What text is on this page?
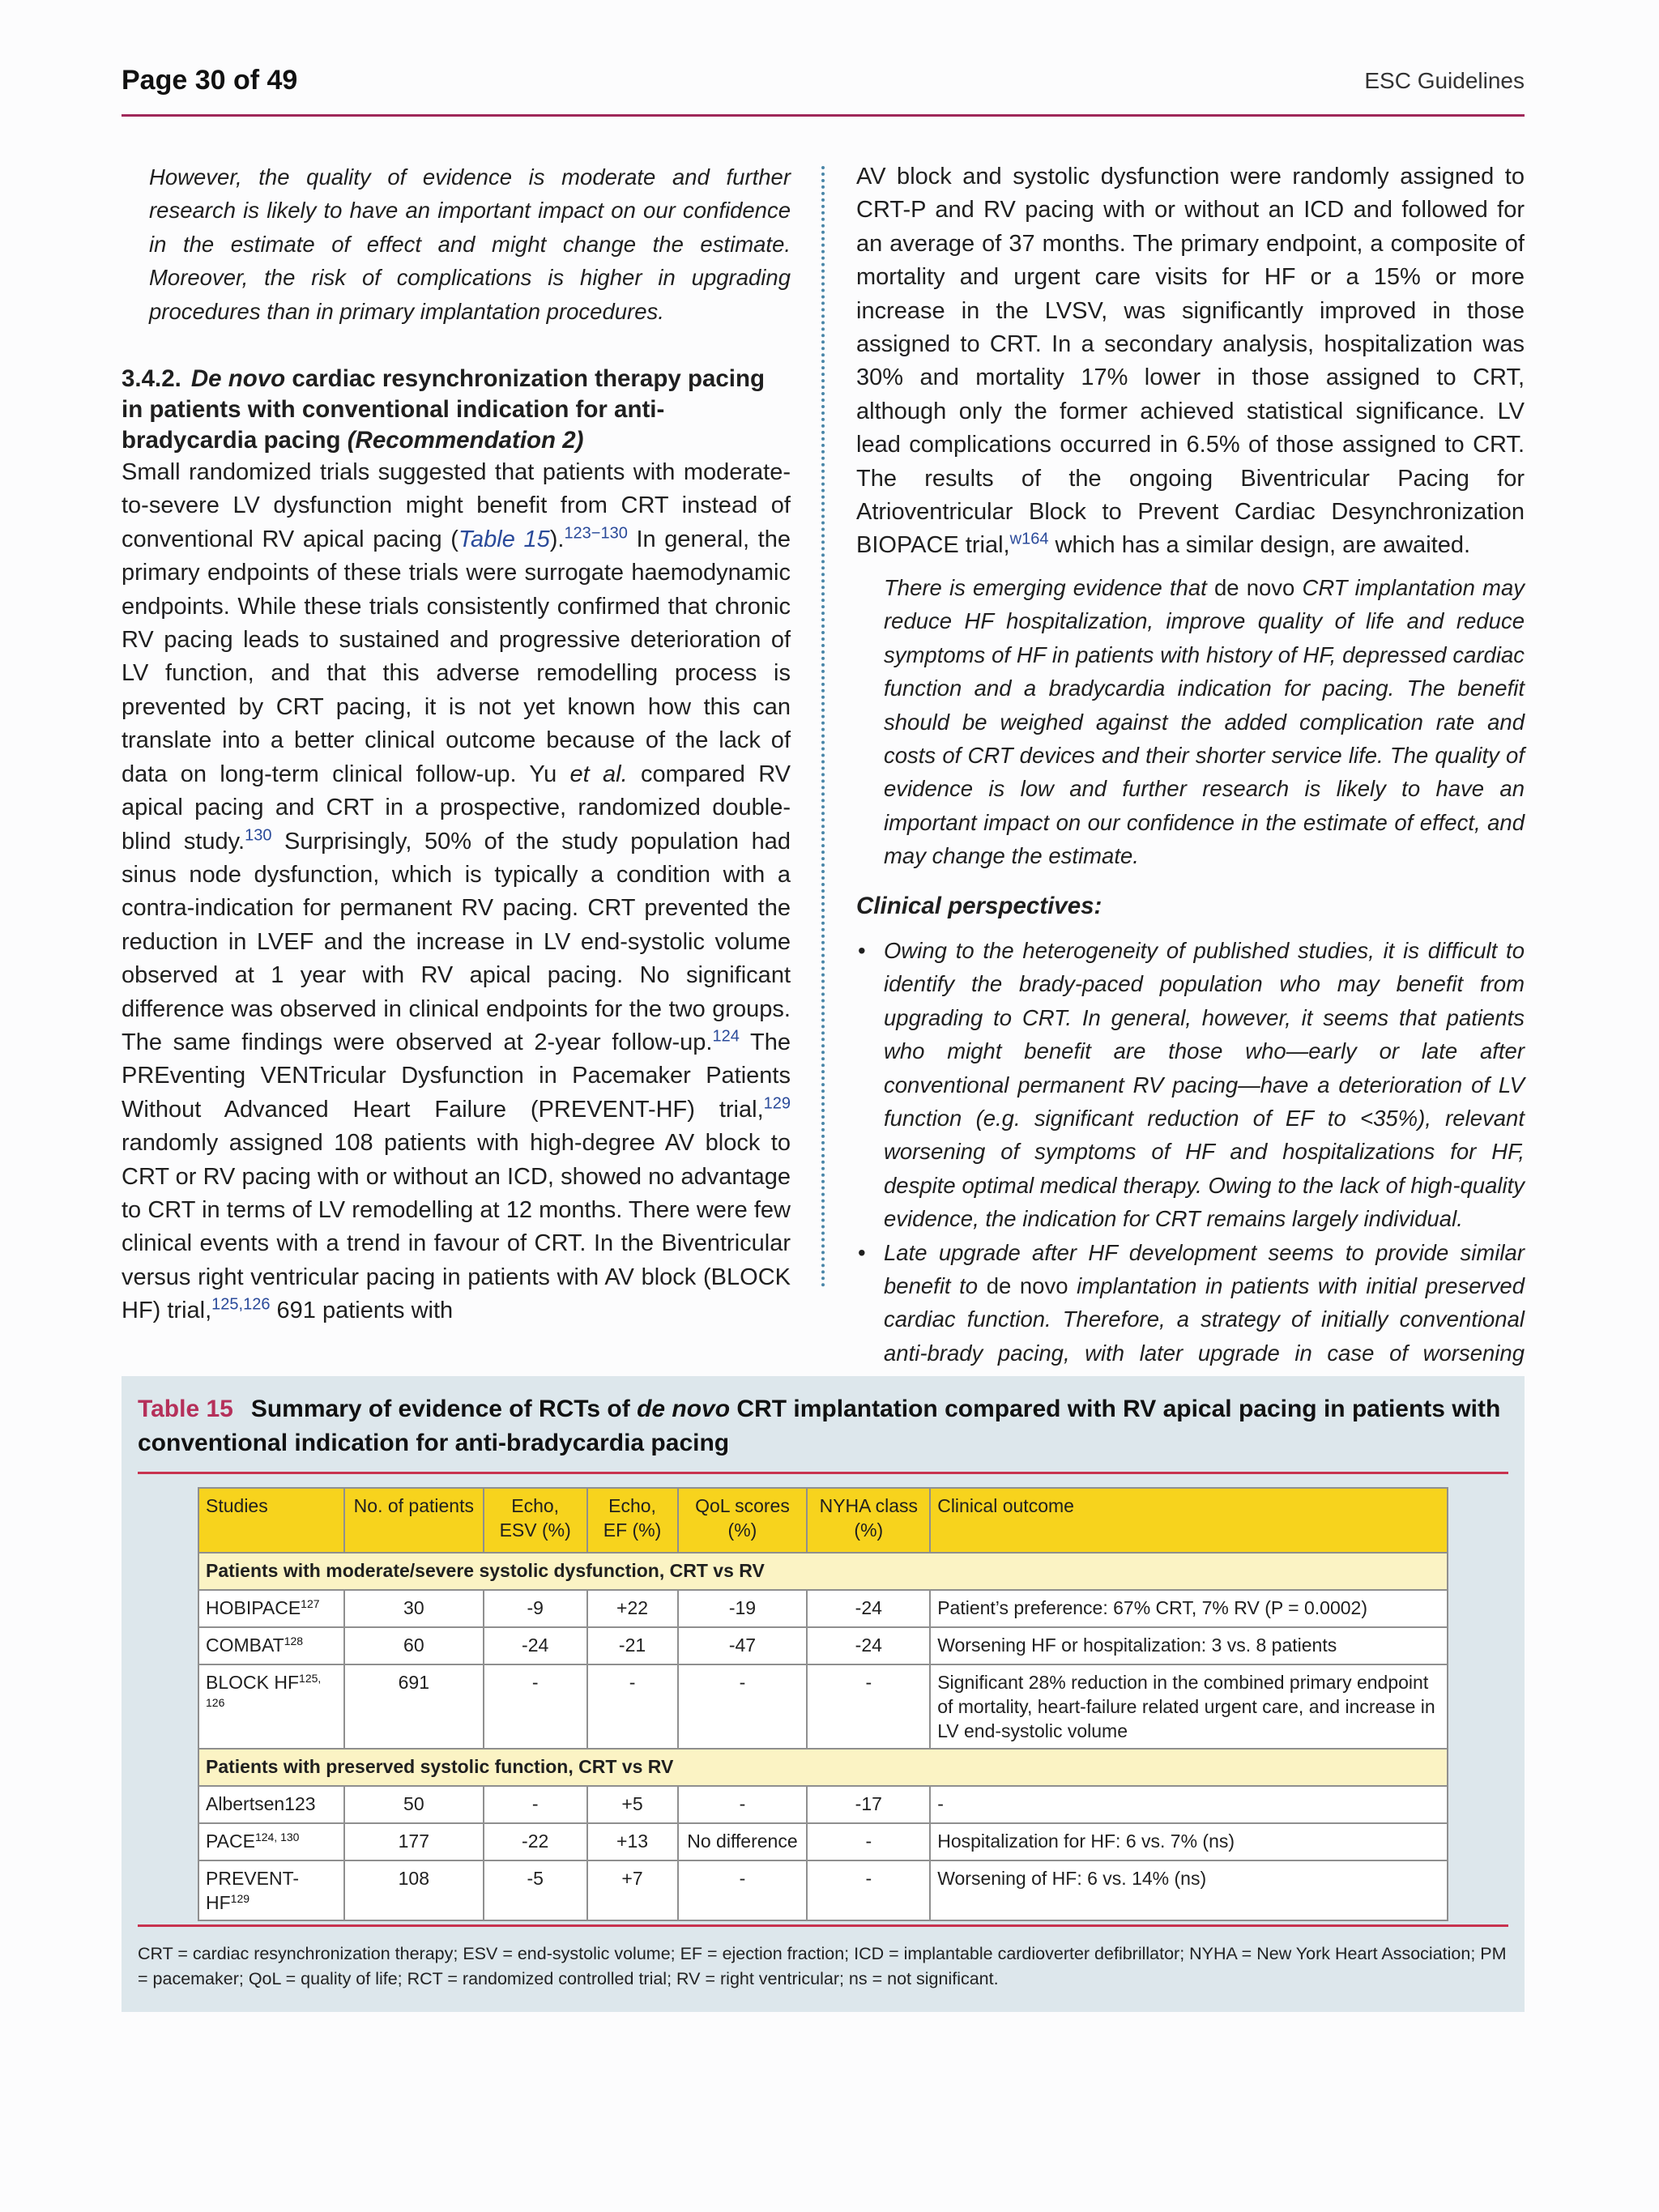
Page 30 of 49	ESC Guidelines

However, the quality of evidence is moderate and further research is likely to have an important impact on our confidence in the estimate of effect and might change the estimate. Moreover, the risk of complications is higher in upgrading procedures than in primary implantation procedures.

3.4.2. De novo cardiac resynchronization therapy pacing in patients with conventional indication for anti-bradycardia pacing (Recommendation 2)

Small randomized trials suggested that patients with moderate-to-severe LV dysfunction might benefit from CRT instead of conventional RV apical pacing (Table 15).$^{123-130}$ In general, the primary endpoints of these trials were surrogate haemodynamic endpoints. While these trials consistently confirmed that chronic RV pacing leads to sustained and progressive deterioration of LV function, and that this adverse remodelling process is prevented by CRT pacing, it is not yet known how this can translate into a better clinical outcome because of the lack of data on long-term clinical follow-up. Yu et al. compared RV apical pacing and CRT in a prospective, randomized double-blind study.$^{130}$ Surprisingly, 50% of the study population had sinus node dysfunction, which is typically a condition with a contra-indication for permanent RV pacing. CRT prevented the reduction in LVEF and the increase in LV end-systolic volume observed at 1 year with RV apical pacing. No significant difference was observed in clinical endpoints for the two groups. The same findings were observed at 2-year follow-up.$^{124}$ The PREventing VENTricular Dysfunction in Pacemaker Patients Without Advanced Heart Failure (PREVENT-HF) trial,$^{129}$ randomly assigned 108 patients with high-degree AV block to CRT or RV pacing with or without an ICD, showed no advantage to CRT in terms of LV remodelling at 12 months. There were few clinical events with a trend in favour of CRT. In the Biventricular versus right ventricular pacing in patients with AV block (BLOCK HF) trial,$^{125,126}$ 691 patients with

AV block and systolic dysfunction were randomly assigned to CRT-P and RV pacing with or without an ICD and followed for an average of 37 months. The primary endpoint, a composite of mortality and urgent care visits for HF or a 15% or more increase in the LVSV, was significantly improved in those assigned to CRT. In a secondary analysis, hospitalization was 30% and mortality 17% lower in those assigned to CRT, although only the former achieved statistical significance. LV lead complications occurred in 6.5% of those assigned to CRT. The results of the ongoing Biventricular Pacing for Atrioventricular Block to Prevent Cardiac Desynchronization BIOPACE trial,$^{w164}$ which has a similar design, are awaited.

There is emerging evidence that de novo CRT implantation may reduce HF hospitalization, improve quality of life and reduce symptoms of HF in patients with history of HF, depressed cardiac function and a bradycardia indication for pacing. The benefit should be weighed against the added complication rate and costs of CRT devices and their shorter service life. The quality of evidence is low and further research is likely to have an important impact on our confidence in the estimate of effect, and may change the estimate.

Clinical perspectives:
• Owing to the heterogeneity of published studies, it is difficult to identify the brady-paced population who may benefit from upgrading to CRT. In general, however, it seems that patients who might benefit are those who—early or late after conventional permanent RV pacing—have a deterioration of LV function (e.g. significant reduction of EF to <35%), relevant worsening of symptoms of HF and hospitalizations for HF, despite optimal medical therapy. Owing to the lack of high-quality evidence, the indication for CRT remains largely individual.
• Late upgrade after HF development seems to provide similar benefit to de novo implantation in patients with initial preserved cardiac function. Therefore, a strategy of initially conventional anti-brady pacing, with later upgrade in case of worsening
Table 15 Summary of evidence of RCTs of de novo CRT implantation compared with RV apical pacing in patients with conventional indication for anti-bradycardia pacing
Studies	No. of patients	Echo, ESV (%)	Echo, EF (%)	QoL scores (%)	NYHA class (%)	Clinical outcome
Patients with moderate/severe systolic dysfunction, CRT vs RV						
HOBIPACE$^{127}$	30	-9	+22	-19	-24	Patient’s preference: 67% CRT, 7% RV (P = 0.0002)
COMBAT$^{128}$	60	-24	-21	-47	-24	Worsening HF or hospitalization: 3 vs. 8 patients
BLOCK HF$^{125, 126}$	691	-	-	-	-	Significant 28% reduction in the combined primary endpoint of mortality, heart-failure related urgent care, and increase in LV end-systolic volume
Patients with preserved systolic function, CRT vs RV						
Albertsen123	50	-	+5	-	-17	-
PACE$^{124, 130}$	177	-22	+13	No difference	-	Hospitalization for HF: 6 vs. 7% (ns)
PREVENT-HF$^{129}$	108	-5	+7	-	-	Worsening of HF: 6 vs. 14% (ns)

CRT = cardiac resynchronization therapy; ESV = end-systolic volume; EF = ejection fraction; ICD = implantable cardioverter defibrillator; NYHA = New York Heart Association; PM = pacemaker; QoL = quality of life; RCT = randomized controlled trial; RV = right ventricular; ns = not significant.
